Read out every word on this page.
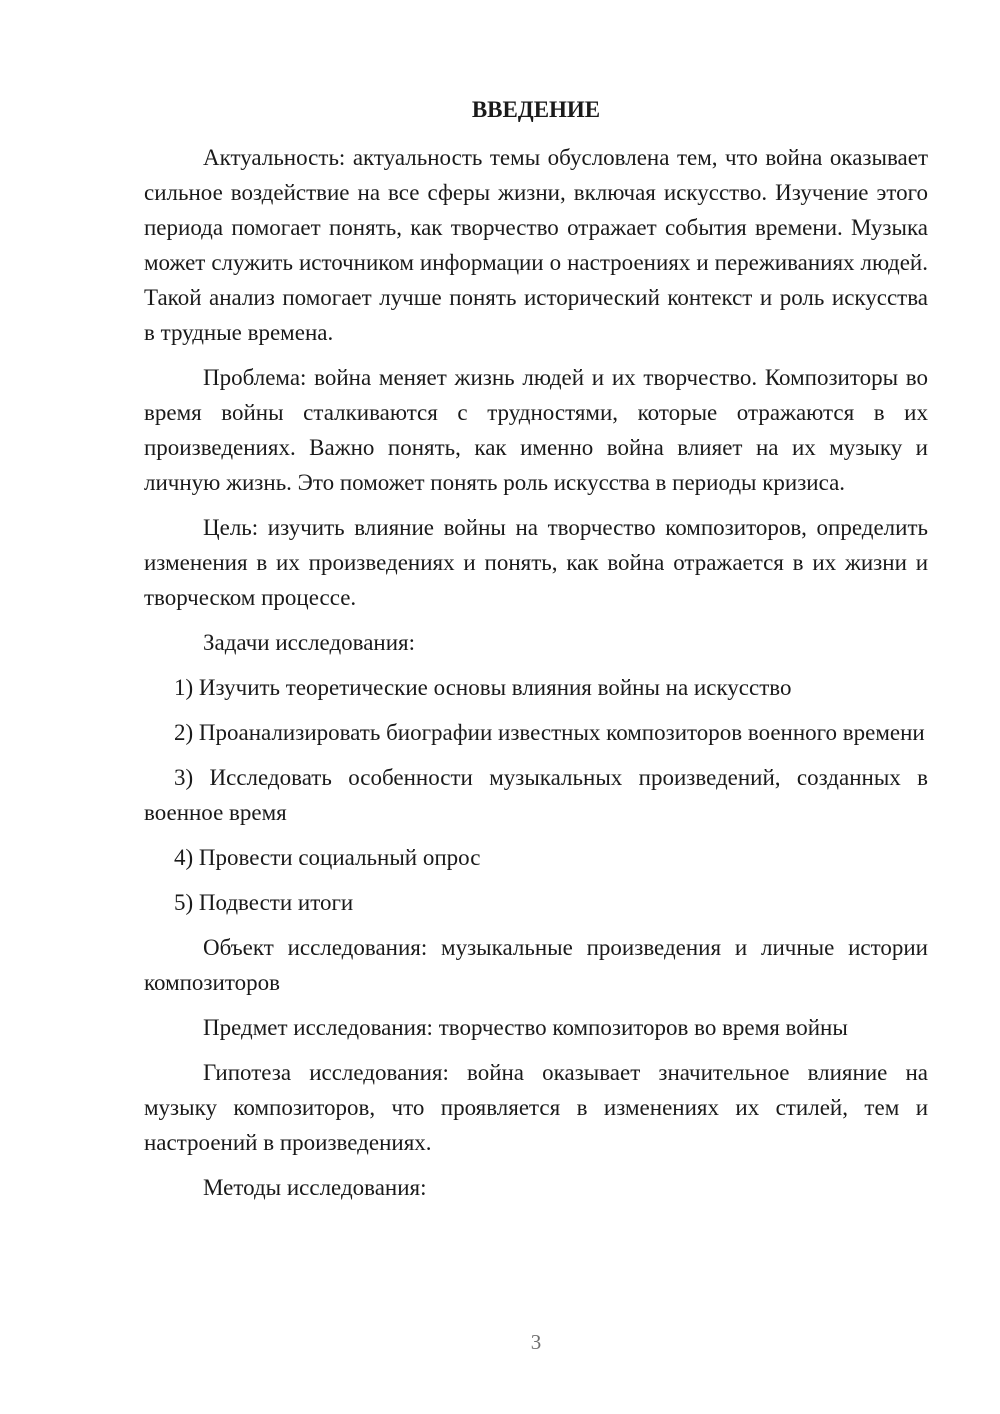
ВВЕДЕНИЕ

Актуальность: актуальность темы обусловлена тем, что война оказывает сильное воздействие на все сферы жизни, включая искусство. Изучение этого периода помогает понять, как творчество отражает события времени. Музыка может служить источником информации о настроениях и переживаниях людей. Такой анализ помогает лучше понять исторический контекст и роль искусства в трудные времена.

Проблема: война меняет жизнь людей и их творчество. Композиторы во время войны сталкиваются с трудностями, которые отражаются в их произведениях. Важно понять, как именно война влияет на их музыку и личную жизнь. Это поможет понять роль искусства в периоды кризиса.

Цель: изучить влияние войны на творчество композиторов, определить изменения в их произведениях и понять, как война отражается в их жизни и творческом процессе.

Задачи исследования:

1) Изучить теоретические основы влияния войны на искусство

2) Проанализировать биографии известных композиторов военного времени

3) Исследовать особенности музыкальных произведений, созданных в военное время

4) Провести социальный опрос

5) Подвести итоги

Объект исследования: музыкальные произведения и личные истории композиторов

Предмет исследования: творчество композиторов во время войны

Гипотеза исследования: война оказывает значительное влияние на музыку композиторов, что проявляется в изменениях их стилей, тем и настроений в произведениях.

Методы исследования:

3
